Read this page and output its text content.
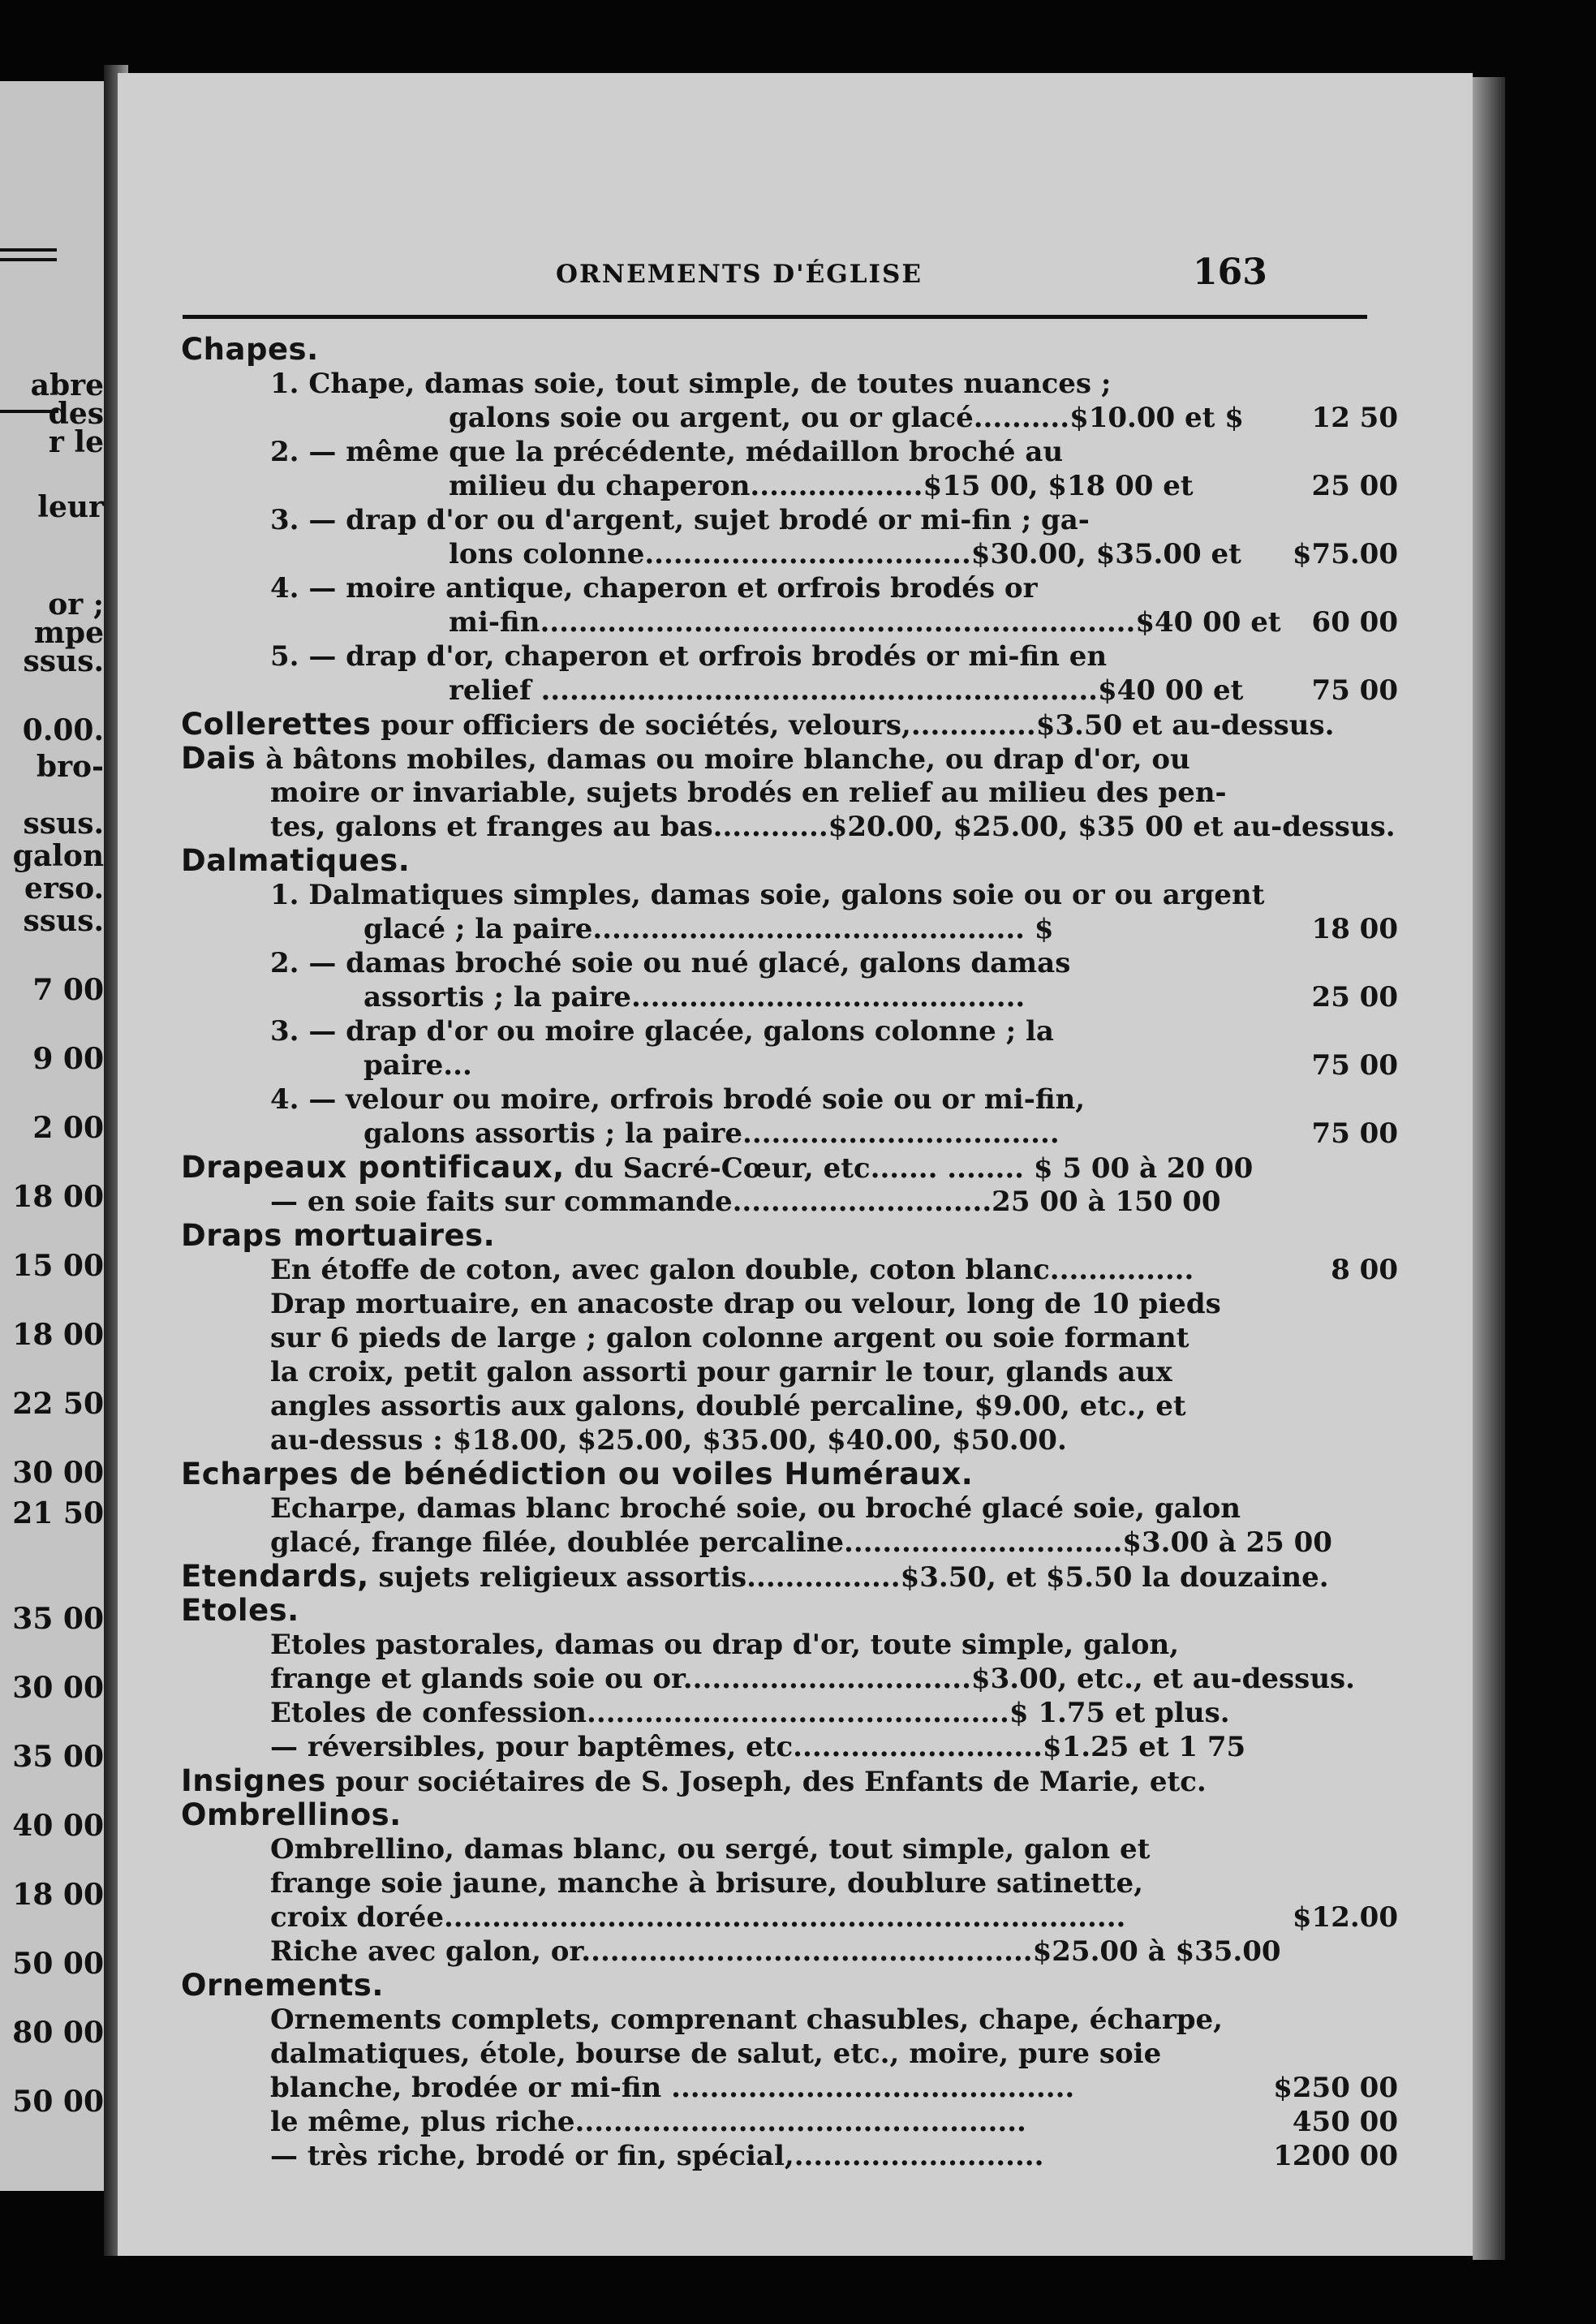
abre
des
r le
leur
or ;
mpe
ssus.
0.00.
bro-
ssus.
galon
erso.
ssus.
7 00
9 00
2 00
18 00
15 00
18 00
22 50
30 00
21 50
35 00
30 00
35 00
40 00
18 00
50 00
80 00
50 00
ORNEMENTS D'ÉGLISE	163
Chapes.
1. Chape, damas soie, tout simple, de toutes nuances ;
galons soie ou argent, ou or glacé..........$10.00 et $ 12 50
2. — même que la précédente, médaillon broché au
milieu du chaperon..................$15 00, $18 00 et	25 00
3. — drap d'or ou d'argent, sujet brodé or mi-fin ; ga-
lons colonne..................................$30.00, $35.00 et $75.00
4. — moire antique, chaperon et orfrois brodés or
mi-fin..............................................................$40 00 et 60 00
5. — drap d'or, chaperon et orfrois brodés or mi-fin en
relief ..........................................................$40 00 et 75 00
Collerettes pour officiers de sociétés, velours,.............$3.50 et au-dessus.
Dais à bâtons mobiles, damas ou moire blanche, ou drap d'or, ou
moire or invariable, sujets brodés en relief au milieu des pen-
tes, galons et franges au bas............$20.00, $25.00, $35 00 et au-dessus.
Dalmatiques.
1. Dalmatiques simples, damas soie, galons soie ou or ou argent
glacé ; la paire............................................. $	18 00
2. — damas broché soie ou nué glacé, galons damas
assortis ; la paire.........................................	25 00
3. — drap d'or ou moire glacée, galons colonne ; la
paire...	75 00
4. — velour ou moire, orfrois brodé soie ou or mi-fin,
galons assortis ; la paire.................................	75 00
Drapeaux pontificaux, du Sacré-Cœur, etc....... ........ $ 5 00 à 20 00
— en soie faits sur commande...........................25 00 à 150 00
Draps mortuaires.
En étoffe de coton, avec galon double, coton blanc...............	8 00
Drap mortuaire, en anacoste drap ou velour, long de 10 pieds
sur 6 pieds de large ; galon colonne argent ou soie formant
la croix, petit galon assorti pour garnir le tour, glands aux
angles assortis aux galons, doublé percaline, $9.00, etc., et
au-dessus : $18.00, $25.00, $35.00, $40.00, $50.00.
Echarpes de bénédiction ou voiles Huméraux.
Echarpe, damas blanc broché soie, ou broché glacé soie, galon
glacé, frange filée, doublée percaline.............................$3.00 à 25 00
Etendards, sujets religieux assortis................$3.50, et $5.50 la douzaine.
Etoles.
Etoles pastorales, damas ou drap d'or, toute simple, galon,
frange et glands soie ou or..............................$3.00, etc., et au-dessus.
Etoles de confession............................................$ 1.75 et plus.
— réversibles, pour baptêmes, etc..........................$1.25 et 1 75
Insignes pour sociétaires de S. Joseph, des Enfants de Marie, etc.
Ombrellinos.
Ombrellino, damas blanc, ou sergé, tout simple, galon et
frange soie jaune, manche à brisure, doublure satinette,
croix dorée.......................................................................	$12.00
Riche avec galon, or...............................................$25.00 à $35.00
Ornements.
Ornements complets, comprenant chasubles, chape, écharpe,
dalmatiques, étole, bourse de salut, etc., moire, pure soie
blanche, brodée or mi-fin ..........................................	$250 00
le même, plus riche...............................................	450 00
— très riche, brodé or fin, spécial,..........................	1200 00
